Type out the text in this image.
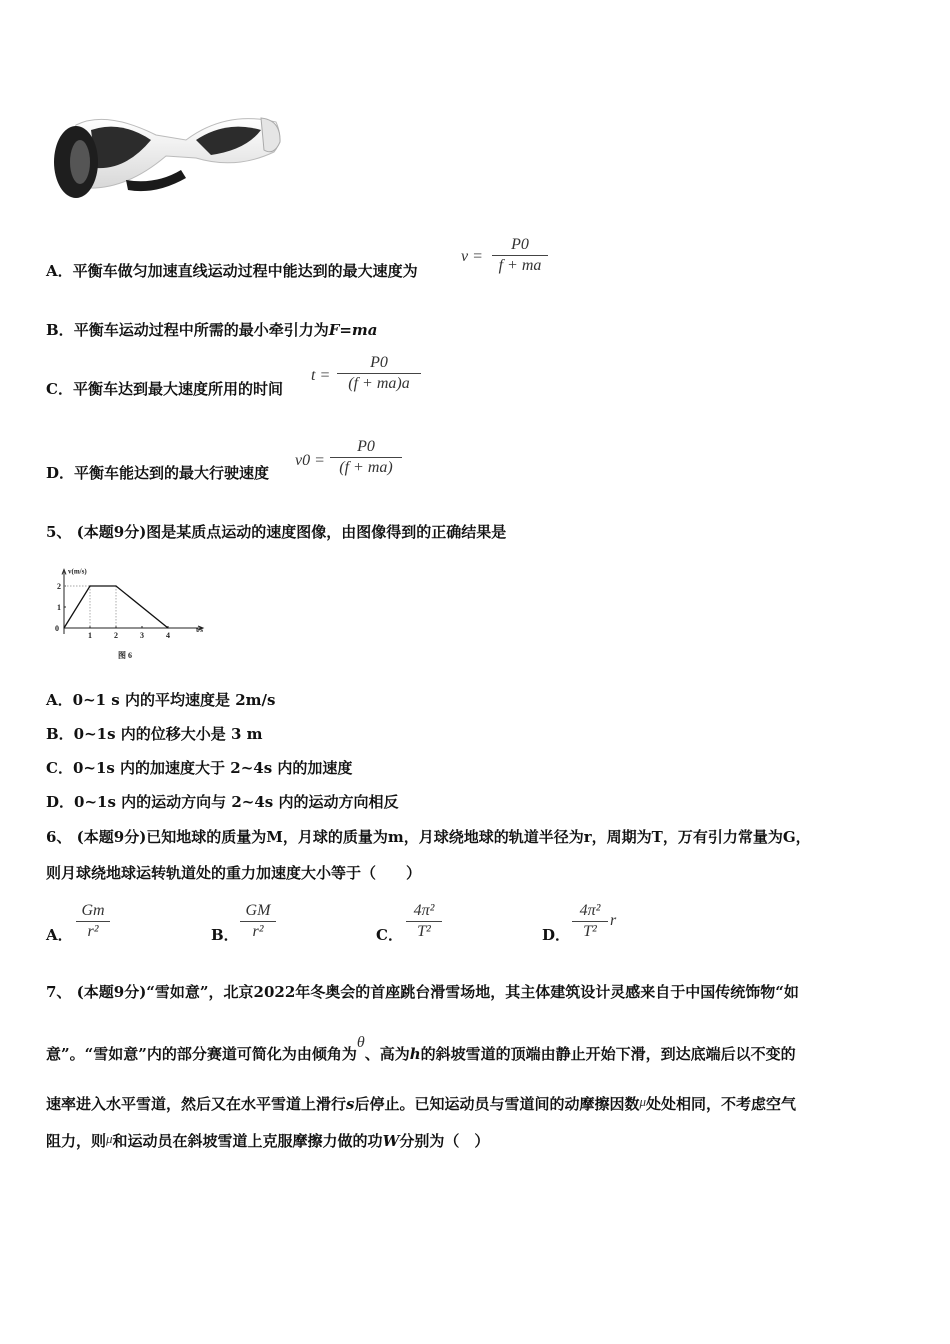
A．平衡车做匀加速直线运动过程中能达到的最大速度为
v =
P0
f + ma
B．平衡车运动过程中所需的最小牵引力为F=ma
C．平衡车达到最大速度所用的时间
t =
P0
(f + ma)a
D．平衡车能达到的最大行驶速度
v0 =
P0
(f + ma)
5、 (本题9分)图是某质点运动的速度图像，由图像得到的正确结果是
v(m/s)
t/s
0
1	2	3	4
1
2
图 6
A．0~1 s 内的平均速度是 2m/s
B．0~1s 内的位移大小是 3 m
C．0~1s 内的加速度大于 2~4s 内的加速度
D．0~1s 内的运动方向与 2~4s 内的运动方向相反
6、 (本题9分)已知地球的质量为M，月球的质量为m，月球绕地球的轨道半径为r，周期为T，万有引力常量为G，
则月球绕地球运转轨道处的重力加速度大小等于（　　）
A．
Gm
r²	B．
GM
r²	C．
4π²
T²	D．
4π²
T²
r
7、 (本题9分)“雪如意”，北京2022年冬奥会的首座跳台滑雪场地，其主体建筑设计灵感来自于中国传统饰物“如
意”。“雪如意”内的部分赛道可简化为由倾角为θ、高为h的斜坡雪道的顶端由静止开始下滑，到达底端后以不变的
速率进入水平雪道，然后又在水平雪道上滑行s后停止。已知运动员与雪道间的动摩擦因数μ处处相同，不考虑空气
阻力，则μ和运动员在斜坡雪道上克服摩擦力做的功W分别为（　）
